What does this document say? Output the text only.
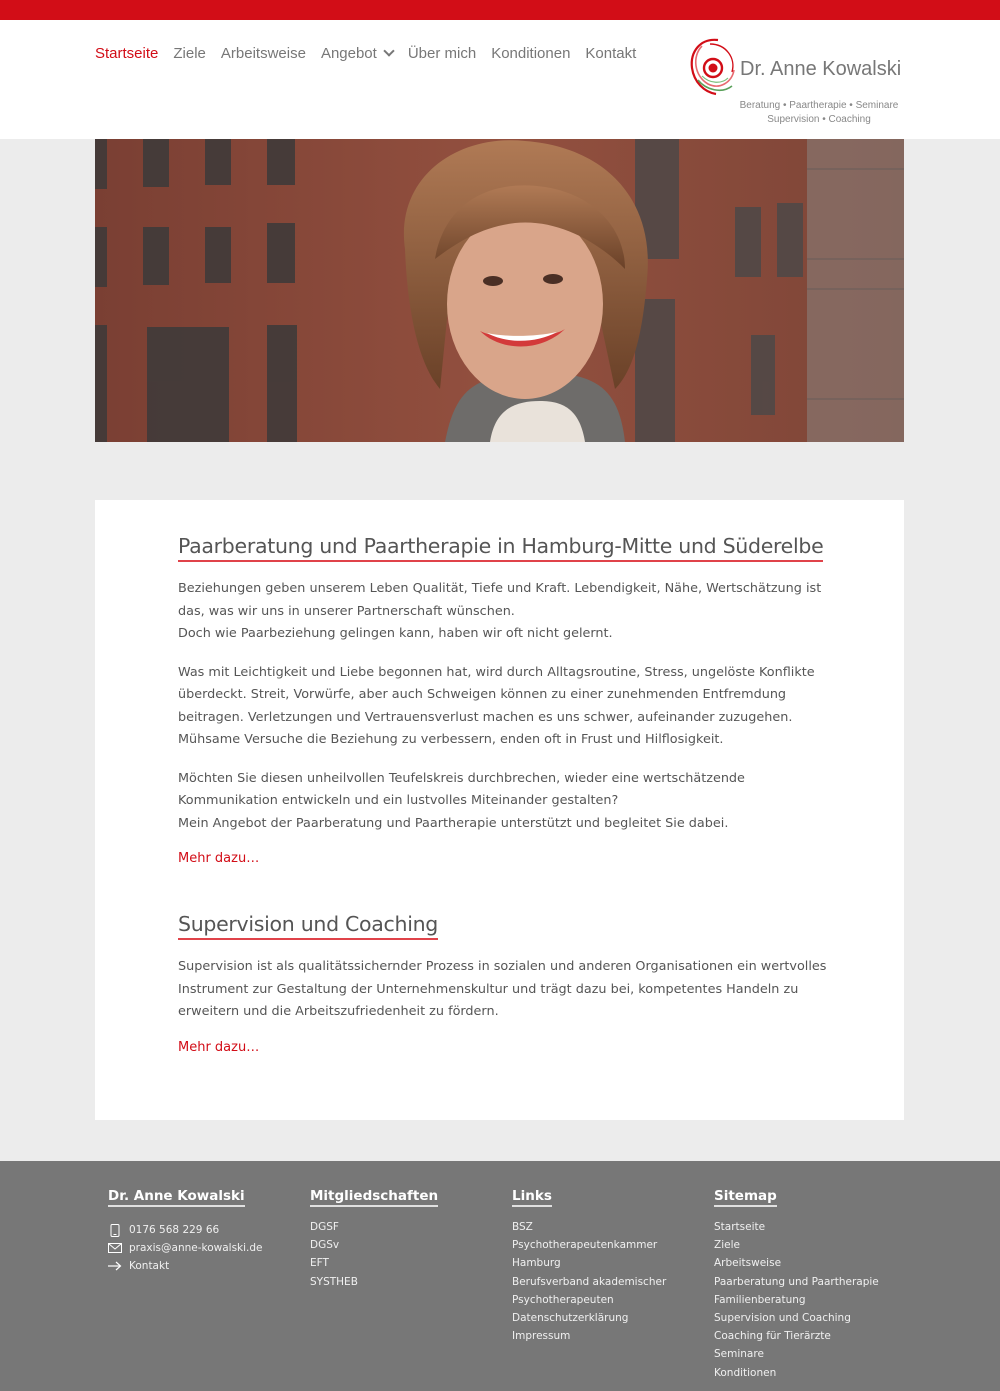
Startseite Ziele Arbeitsweise Angebot Über mich Konditionen Kontakt
Dr. Anne Kowalski
Beratung • Paartherapie • Seminare
Supervision • Coaching
Paarberatung und Paartherapie in Hamburg-Mitte und Süderelbe

Beziehungen geben unserem Leben Qualität, Tiefe und Kraft. Lebendigkeit, Nähe, Wertschätzung ist das, was wir uns in unserer Partnerschaft wünschen.
Doch wie Paarbeziehung gelingen kann, haben wir oft nicht gelernt.

Was mit Leichtigkeit und Liebe begonnen hat, wird durch Alltagsroutine, Stress, ungelöste Konflikte überdeckt. Streit, Vorwürfe, aber auch Schweigen können zu einer zunehmenden Entfremdung beitragen. Verletzungen und Vertrauensverlust machen es uns schwer, aufeinander zuzugehen. Mühsame Versuche die Beziehung zu verbessern, enden oft in Frust und Hilflosigkeit.

Möchten Sie diesen unheilvollen Teufelskreis durchbrechen, wieder eine wertschätzende Kommunikation entwickeln und ein lustvolles Miteinander gestalten?
Mein Angebot der Paarberatung und Paartherapie unterstützt und begleitet Sie dabei.

Mehr dazu…
Supervision und Coaching

Supervision ist als qualitätssichernder Prozess in sozialen und anderen Organisationen ein wertvolles Instrument zur Gestaltung der Unternehmenskultur und trägt dazu bei, kompetentes Handeln zu erweitern und die Arbeitszufriedenheit zu fördern.

Mehr dazu…
Dr. Anne Kowalski
0176 568 229 66
praxis@anne-kowalski.de
Kontakt
Mitgliedschaften
DGSF
DGSv
EFT
SYSTHEB
Links
BSZ
Psychotherapeutenkammer
Hamburg
Berufsverband akademischer
Psychotherapeuten
Datenschutzerklärung
Impressum
Sitemap
Startseite
Ziele
Arbeitsweise
Paarberatung und Paartherapie
Familienberatung
Supervision und Coaching
Coaching für Tierärzte
Seminare
Konditionen
